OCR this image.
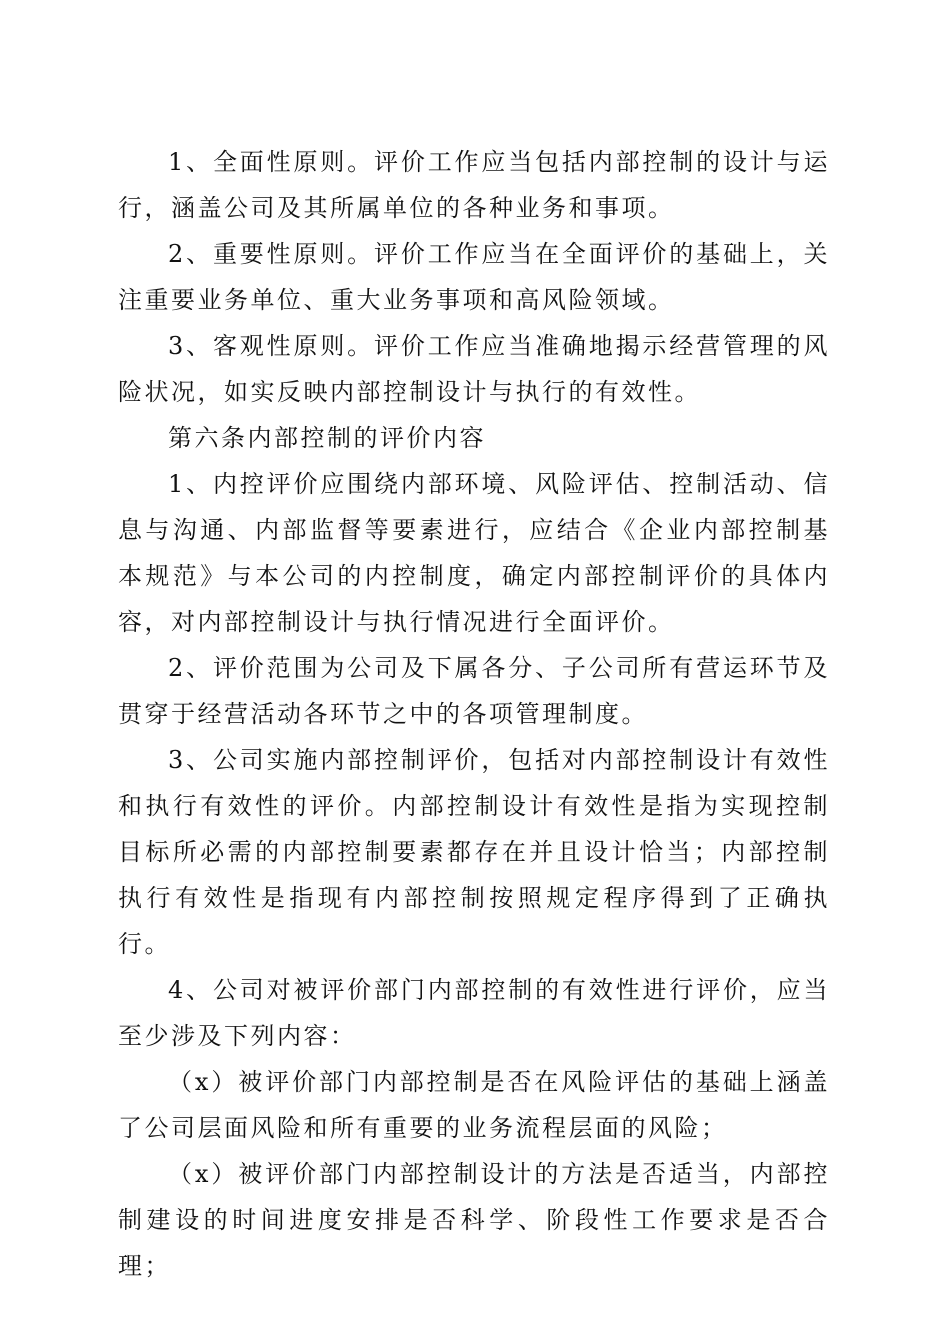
1、全面性原则。评价工作应当包括内部控制的设计与运行，涵盖公司及其所属单位的各种业务和事项。

2、重要性原则。评价工作应当在全面评价的基础上，关注重要业务单位、重大业务事项和高风险领域。

3、客观性原则。评价工作应当准确地揭示经营管理的风险状况，如实反映内部控制设计与执行的有效性。

第六条内部控制的评价内容

1、内控评价应围绕内部环境、风险评估、控制活动、信息与沟通、内部监督等要素进行，应结合《企业内部控制基本规范》与本公司的内控制度，确定内部控制评价的具体内容，对内部控制设计与执行情况进行全面评价。

2、评价范围为公司及下属各分、子公司所有营运环节及贯穿于经营活动各环节之中的各项管理制度。

3、公司实施内部控制评价，包括对内部控制设计有效性和执行有效性的评价。内部控制设计有效性是指为实现控制目标所必需的内部控制要素都存在并且设计恰当；内部控制执行有效性是指现有内部控制按照规定程序得到了正确执行。

4、公司对被评价部门内部控制的有效性进行评价，应当至少涉及下列内容：

（x）被评价部门内部控制是否在风险评估的基础上涵盖了公司层面风险和所有重要的业务流程层面的风险；

（x）被评价部门内部控制设计的方法是否适当，内部控制建设的时间进度安排是否科学、阶段性工作要求是否合理；
